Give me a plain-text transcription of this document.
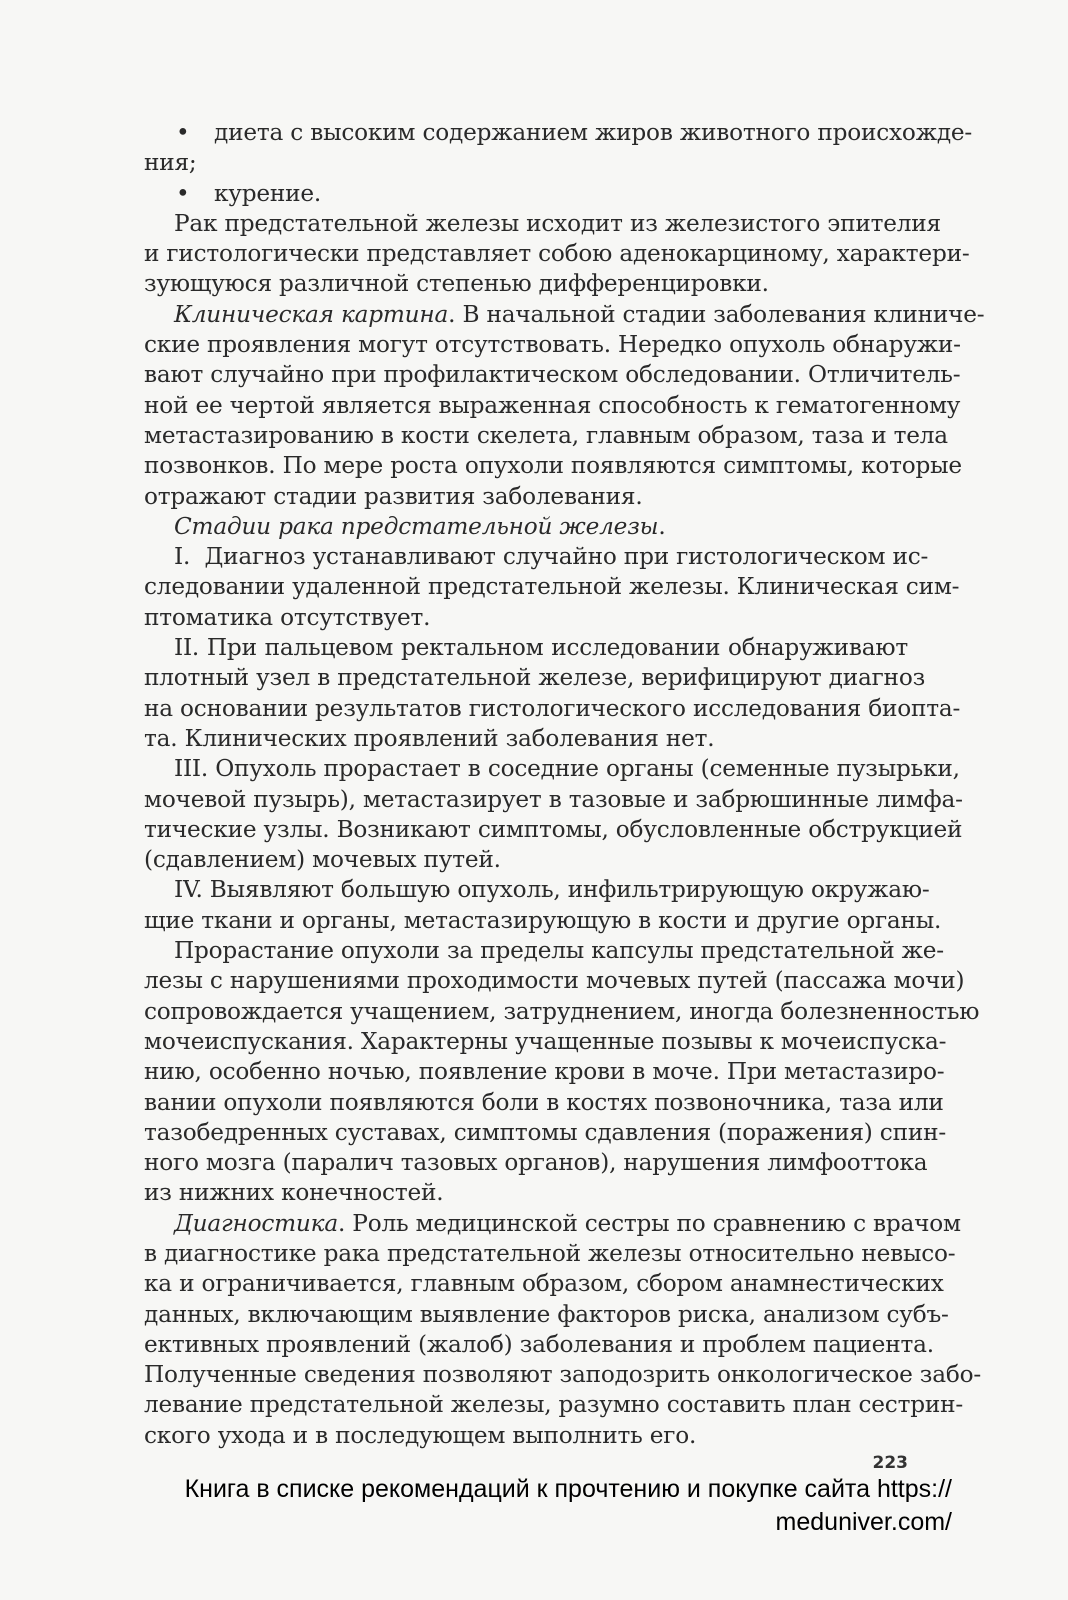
• диета с высоким содержанием жиров животного происхожде-
ния;
• курение.
Рак предстательной железы исходит из железистого эпителия
и гистологически представляет собою аденокарциному, характери-
зующуюся различной степенью дифференцировки.
Клиническая картина. В начальной стадии заболевания клиниче-
ские проявления могут отсутствовать. Нередко опухоль обнаружи-
вают случайно при профилактическом обследовании. Отличитель-
ной ее чертой является выраженная способность к гематогенному
метастазированию в кости скелета, главным образом, таза и тела
позвонков. По мере роста опухоли появляются симптомы, которые
отражают стадии развития заболевания.
Стадии рака предстательной железы.
I. Диагноз устанавливают случайно при гистологическом ис-
следовании удаленной предстательной железы. Клиническая сим-
птоматика отсутствует.
II. При пальцевом ректальном исследовании обнаруживают
плотный узел в предстательной железе, верифицируют диагноз
на основании результатов гистологического исследования биопта-
та. Клинических проявлений заболевания нет.
III. Опухоль прорастает в соседние органы (семенные пузырьки,
мочевой пузырь), метастазирует в тазовые и забрюшинные лимфа-
тические узлы. Возникают симптомы, обусловленные обструкцией
(сдавлением) мочевых путей.
IV. Выявляют большую опухоль, инфильтрирующую окружаю-
щие ткани и органы, метастазирующую в кости и другие органы.
Прорастание опухоли за пределы капсулы предстательной же-
лезы с нарушениями проходимости мочевых путей (пассажа мочи)
сопровождается учащением, затруднением, иногда болезненностью
мочеиспускания. Характерны учащенные позывы к мочеиспуска-
нию, особенно ночью, появление крови в моче. При метастазиро-
вании опухоли появляются боли в костях позвоночника, таза или
тазобедренных суставах, симптомы сдавления (поражения) спин-
ного мозга (паралич тазовых органов), нарушения лимфооттока
из нижних конечностей.
Диагностика. Роль медицинской сестры по сравнению с врачом
в диагностике рака предстательной железы относительно невысо-
ка и ограничивается, главным образом, сбором анамнестических
данных, включающим выявление факторов риска, анализом субъ-
ективных проявлений (жалоб) заболевания и проблем пациента.
Полученные сведения позволяют заподозрить онкологическое забо-
левание предстательной железы, разумно составить план сестрин-
ского ухода и в последующем выполнить его.
223
Книга в списке рекомендаций к прочтению и покупке сайта https://
meduniver.com/
